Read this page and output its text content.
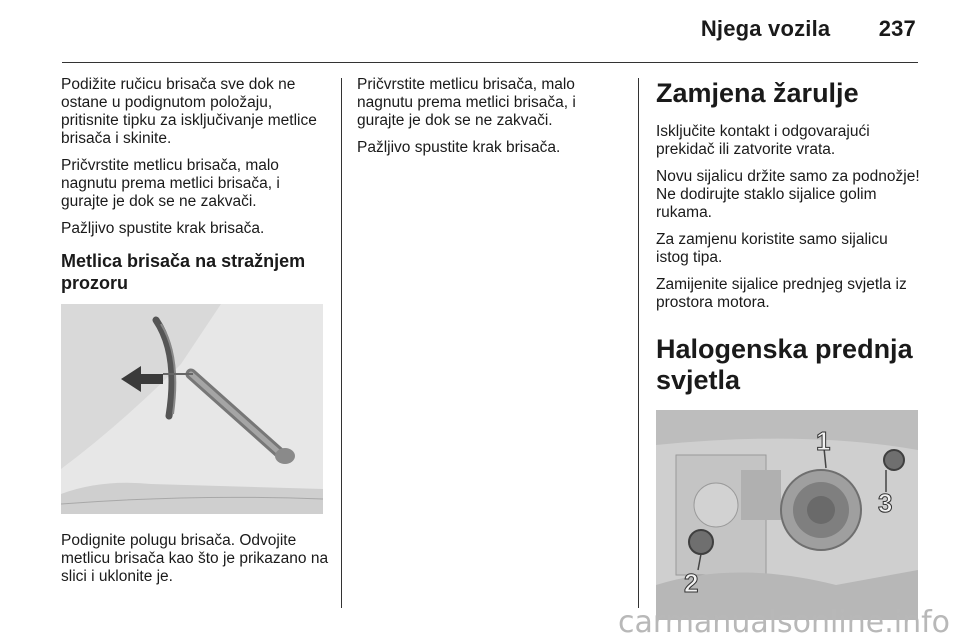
Njega vozila 237

Podižite ručicu brisača sve dok ne ostane u podignutom položaju, pritisnite tipku za isključivanje metlice brisača i skinite.

Pričvrstite metlicu brisača, malo nagnutu prema metlici brisača, i gurajte je dok se ne zakvači.

Pažljivo spustite krak brisača.

Metlica brisača na stražnjem prozoru

Podignite polugu brisača. Odvojite metlicu brisača kao što je prikazano na slici i uklonite je.

Pričvrstite metlicu brisača, malo nagnutu prema metlici brisača, i gurajte je dok se ne zakvači.

Pažljivo spustite krak brisača.

Zamjena žarulje

Isključite kontakt i odgovarajući prekidač ili zatvorite vrata.

Novu sijalicu držite samo za podnožje! Ne dodirujte staklo sijalice golim rukama.

Za zamjenu koristite samo sijalicu istog tipa.

Zamijenite sijalice prednjeg svjetla iz prostora motora.

Halogenska prednja svjetla
1
3
2
carmanualsonline.info
